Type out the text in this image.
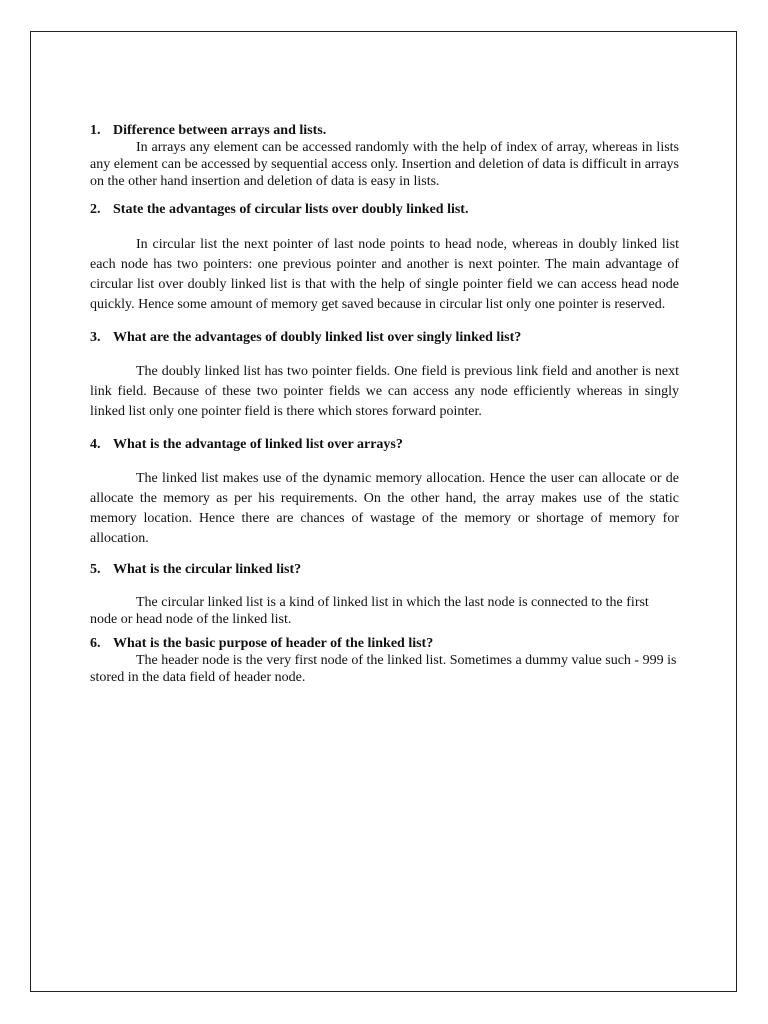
1. Difference between arrays and lists.

In arrays any element can be accessed randomly with the help of index of array, whereas in lists any element can be accessed by sequential access only. Insertion and deletion of data is difficult in arrays on the other hand insertion and deletion of data is easy in lists.

2. State the advantages of circular lists over doubly linked list.

In circular list the next pointer of last node points to head node, whereas in doubly linked list each node has two pointers: one previous pointer and another is next pointer. The main advantage of circular list over doubly linked list is that with the help of single pointer field we can access head node quickly. Hence some amount of memory get saved because in circular list only one pointer is reserved.

3. What are the advantages of doubly linked list over singly linked list?

The doubly linked list has two pointer fields. One field is previous link field and another is next link field. Because of these two pointer fields we can access any node efficiently whereas in singly linked list only one pointer field is there which stores forward pointer.

4. What is the advantage of linked list over arrays?

The linked list makes use of the dynamic memory allocation. Hence the user can allocate or de allocate the memory as per his requirements. On the other hand, the array makes use of the static memory location. Hence there are chances of wastage of the memory or shortage of memory for allocation.

5. What is the circular linked list?

The circular linked list is a kind of linked list in which the last node is connected to the first node or head node of the linked list.

6. What is the basic purpose of header of the linked list?

The header node is the very first node of the linked list. Sometimes a dummy value such - 999 is stored in the data field of header node.
